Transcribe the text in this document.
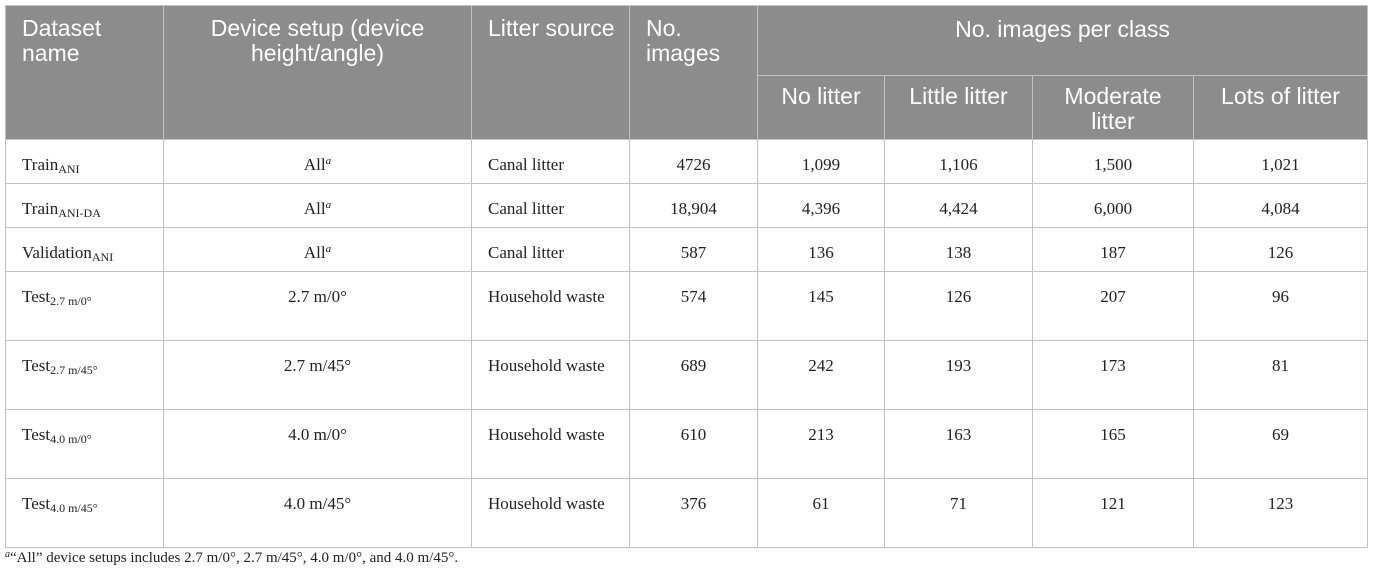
Dataset name	Device setup (device height/angle)	Litter source	No. images	No. images per class			
				No litter	Little litter	Moderate litter	Lots of litter
Train$_{ANI}$	All$^a$	Canal litter	4726	1,099	1,106	1,500	1,021
Train$_{ANI-DA}$	All$^a$	Canal litter	18,904	4,396	4,424	6,000	4,084
Validation$_{ANI}$	All$^a$	Canal litter	587	136	138	187	126
Test$_{2.7 m/0^\circ}$	2.7 m/0°	Household waste	574	145	126	207	96
Test$_{2.7 m/45^\circ}$	2.7 m/45°	Household waste	689	242	193	173	81
Test$_{4.0 m/0^\circ}$	4.0 m/0°	Household waste	610	213	163	165	69
Test$_{4.0 m/45^\circ}$	4.0 m/45°	Household waste	376	61	71	121	123
$^a$“All” device setups includes 2.7 m/0°, 2.7 m/45°, 4.0 m/0°, and 4.0 m/45°.
